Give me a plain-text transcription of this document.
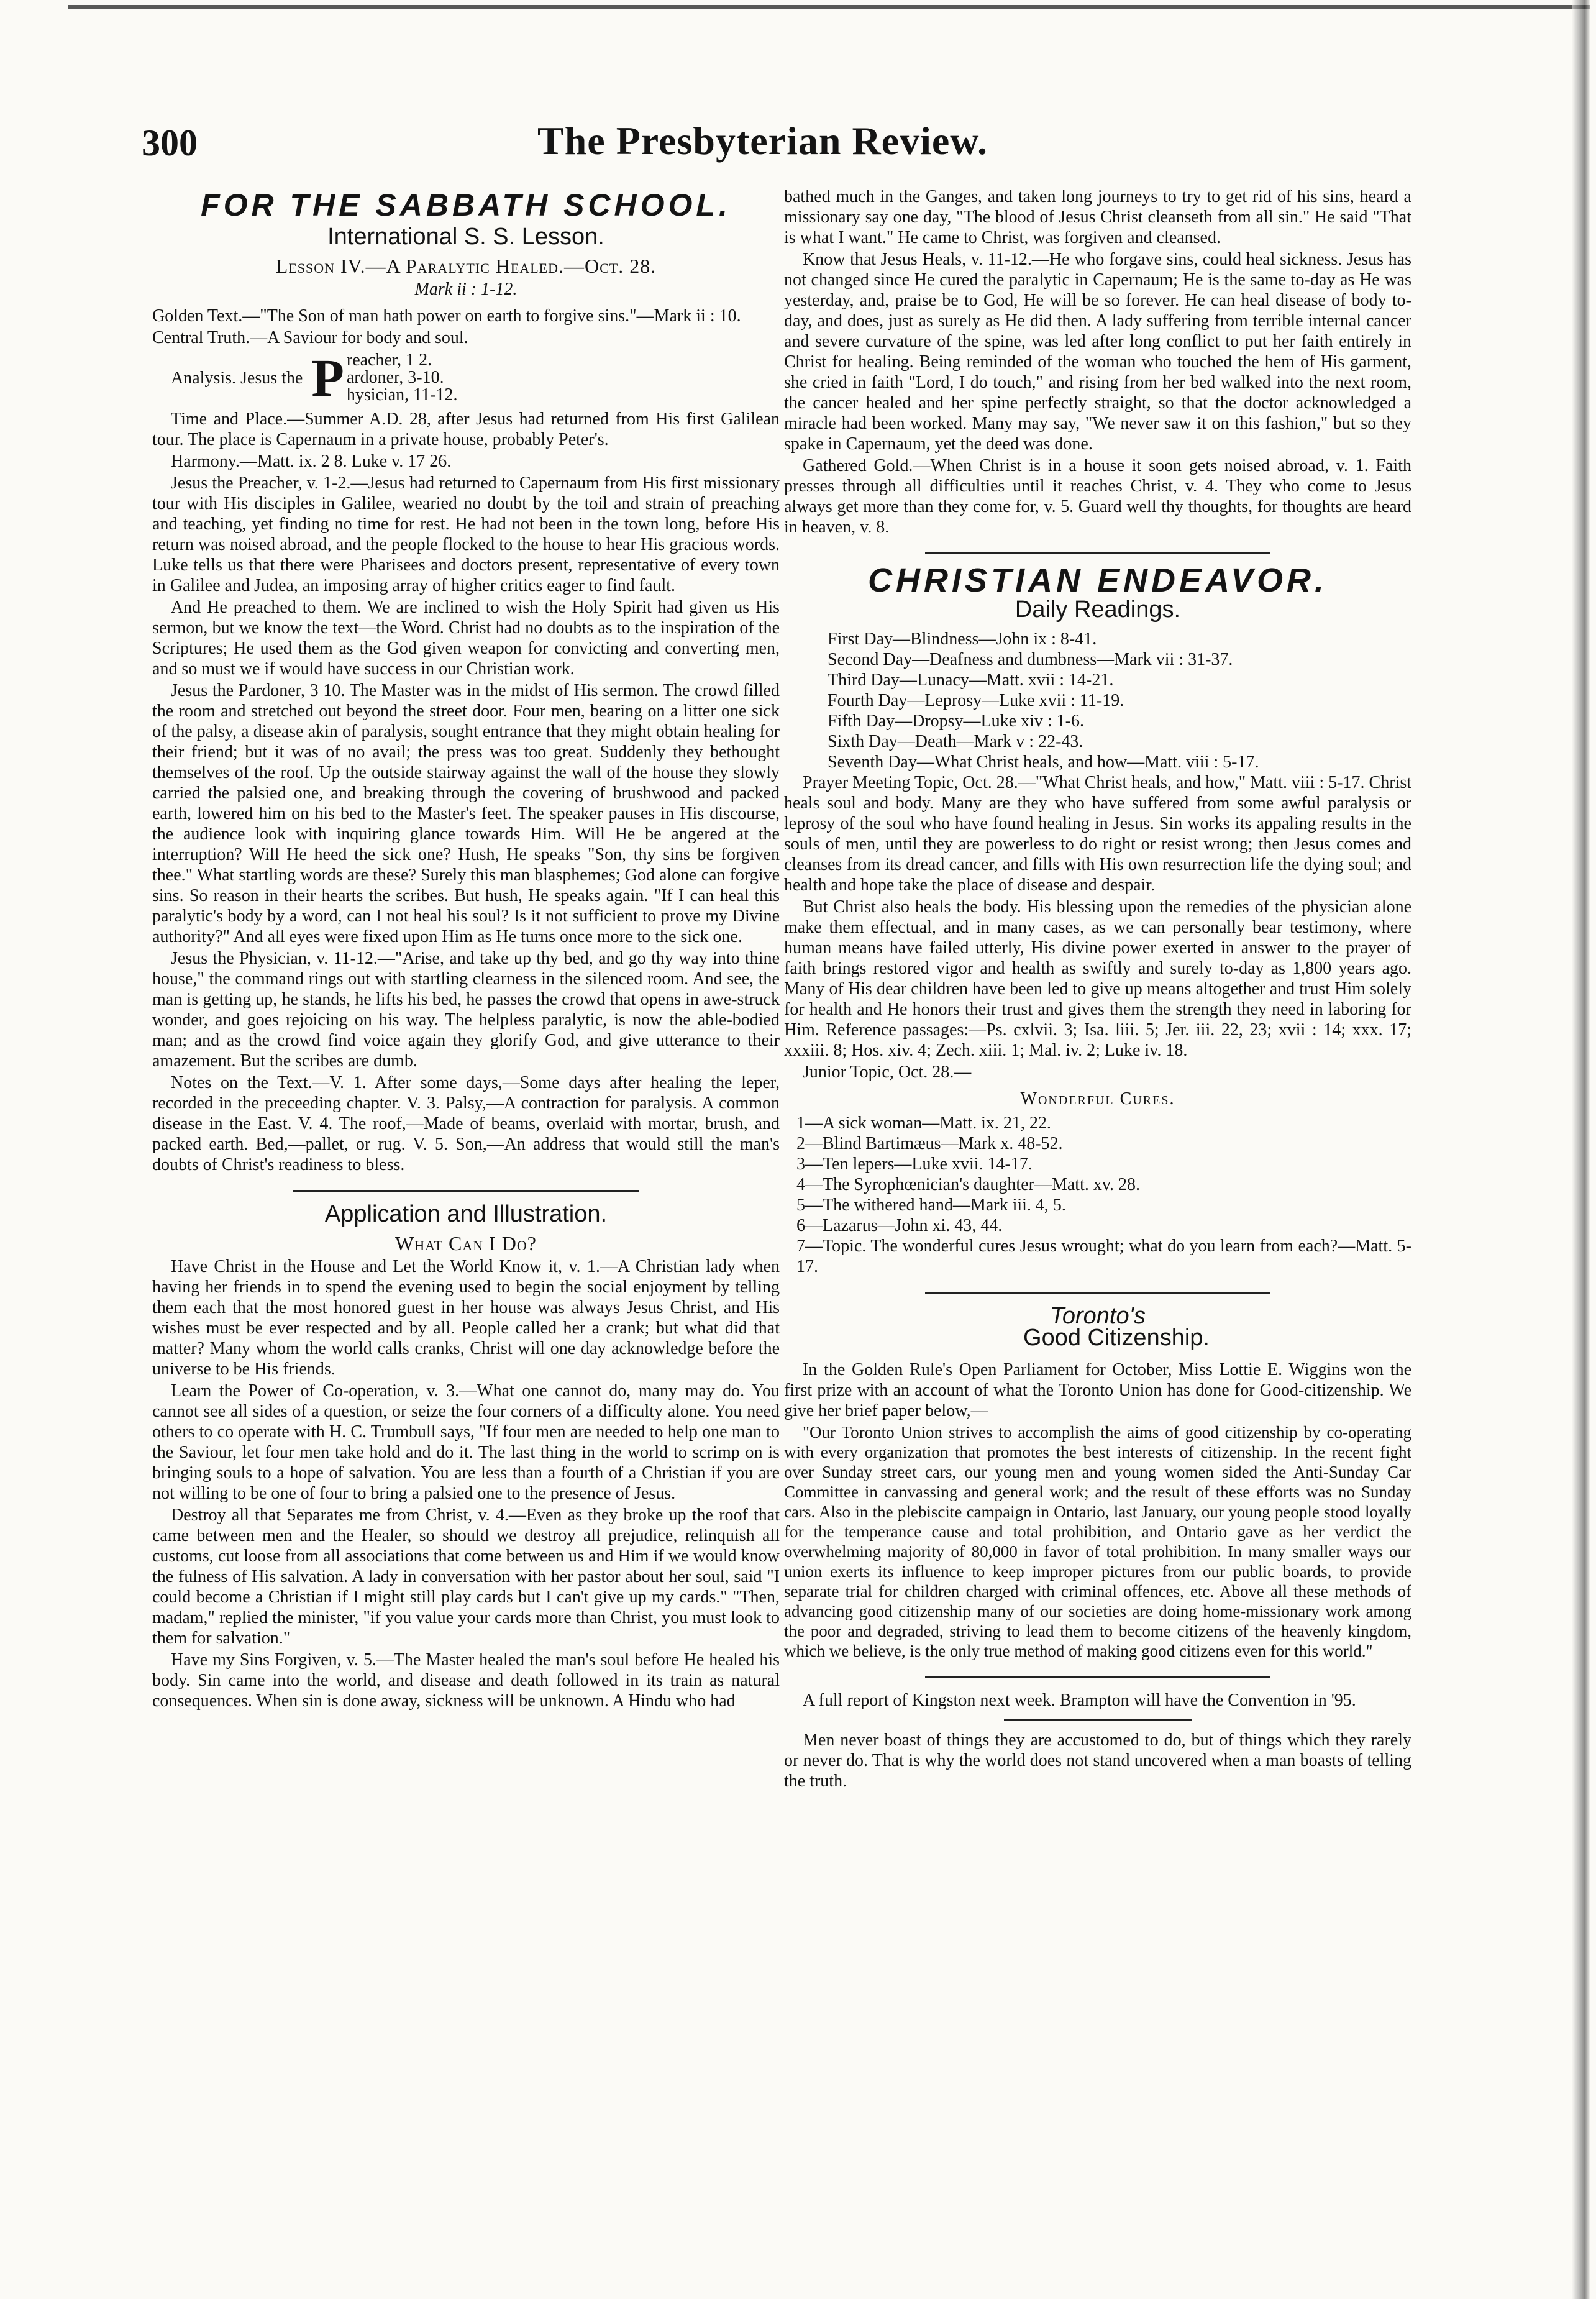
300	The Presbyterian Review.
FOR THE SABBATH SCHOOL.
International S. S. Lesson.
Lesson IV.—A Paralytic Healed.—Oct. 28.
Mark ii : 1-12.

Golden Text.—"The Son of man hath power on earth to forgive sins."—Mark ii : 10.

Central Truth.—A Saviour for body and soul.

Analysis. Jesus the P reacher, 1 2.
ardoner, 3-10.
hysician, 11-12.

Time and Place.—Summer A.D. 28, after Jesus had returned from His first Galilean tour. The place is Capernaum in a private house, probably Peter's.

Harmony.—Matt. ix. 2 8. Luke v. 17 26.

Jesus the Preacher, v. 1-2.—Jesus had returned to Capernaum from His first missionary tour with His disciples in Galilee, wearied no doubt by the toil and strain of preaching and teaching, yet finding no time for rest. He had not been in the town long, before His return was noised abroad, and the people flocked to the house to hear His gracious words. Luke tells us that there were Pharisees and doctors present, representative of every town in Galilee and Judea, an imposing array of higher critics eager to find fault.

And He preached to them. We are inclined to wish the Holy Spirit had given us His sermon, but we know the text—the Word. Christ had no doubts as to the inspiration of the Scriptures; He used them as the God given weapon for convicting and converting men, and so must we if would have success in our Christian work.

Jesus the Pardoner, 3 10. The Master was in the midst of His sermon. The crowd filled the room and stretched out beyond the street door. Four men, bearing on a litter one sick of the palsy, a disease akin of paralysis, sought entrance that they might obtain healing for their friend; but it was of no avail; the press was too great. Suddenly they bethought themselves of the roof. Up the outside stairway against the wall of the house they slowly carried the palsied one, and breaking through the covering of brushwood and packed earth, lowered him on his bed to the Master's feet. The speaker pauses in His discourse, the audience look with inquiring glance towards Him. Will He be angered at the interruption? Will He heed the sick one? Hush, He speaks "Son, thy sins be forgiven thee." What startling words are these? Surely this man blasphemes; God alone can forgive sins. So reason in their hearts the scribes. But hush, He speaks again. "If I can heal this paralytic's body by a word, can I not heal his soul? Is it not sufficient to prove my Divine authority?" And all eyes were fixed upon Him as He turns once more to the sick one.

Jesus the Physician, v. 11-12.—"Arise, and take up thy bed, and go thy way into thine house," the command rings out with startling clearness in the silenced room. And see, the man is getting up, he stands, he lifts his bed, he passes the crowd that opens in awe-struck wonder, and goes rejoicing on his way. The helpless paralytic, is now the able-bodied man; and as the crowd find voice again they glorify God, and give utterance to their amazement. But the scribes are dumb.

Notes on the Text.—V. 1. After some days,—Some days after healing the leper, recorded in the preceeding chapter. V. 3. Palsy,—A contraction for paralysis. A common disease in the East. V. 4. The roof,—Made of beams, overlaid with mortar, brush, and packed earth. Bed,—pallet, or rug. V. 5. Son,—An address that would still the man's doubts of Christ's readiness to bless.

Application and Illustration.
What Can I Do?

Have Christ in the House and Let the World Know it, v. 1.—A Christian lady when having her friends in to spend the evening used to begin the social enjoyment by telling them each that the most honored guest in her house was always Jesus Christ, and His wishes must be ever respected and by all. People called her a crank; but what did that matter? Many whom the world calls cranks, Christ will one day acknowledge before the universe to be His friends.

Learn the Power of Co-operation, v. 3.—What one cannot do, many may do. You cannot see all sides of a question, or seize the four corners of a difficulty alone. You need others to co operate with H. C. Trumbull says, "If four men are needed to help one man to the Saviour, let four men take hold and do it. The last thing in the world to scrimp on is bringing souls to a hope of salvation. You are less than a fourth of a Christian if you are not willing to be one of four to bring a palsied one to the presence of Jesus.

Destroy all that Separates me from Christ, v. 4.—Even as they broke up the roof that came between men and the Healer, so should we destroy all prejudice, relinquish all customs, cut loose from all associations that come between us and Him if we would know the fulness of His salvation. A lady in conversation with her pastor about her soul, said "I could become a Christian if I might still play cards but I can't give up my cards." "Then, madam," replied the minister, "if you value your cards more than Christ, you must look to them for salvation."

Have my Sins Forgiven, v. 5.—The Master healed the man's soul before He healed his body. Sin came into the world, and disease and death followed in its train as natural consequences. When sin is done away, sickness will be unknown. A Hindu who had

bathed much in the Ganges, and taken long journeys to try to get rid of his sins, heard a missionary say one day, "The blood of Jesus Christ cleanseth from all sin." He said "That is what I want." He came to Christ, was forgiven and cleansed.

Know that Jesus Heals, v. 11-12.—He who forgave sins, could heal sickness. Jesus has not changed since He cured the paralytic in Capernaum; He is the same to-day as He was yesterday, and, praise be to God, He will be so forever. He can heal disease of body to-day, and does, just as surely as He did then. A lady suffering from terrible internal cancer and severe curvature of the spine, was led after long conflict to put her faith entirely in Christ for healing. Being reminded of the woman who touched the hem of His garment, she cried in faith "Lord, I do touch," and rising from her bed walked into the next room, the cancer healed and her spine perfectly straight, so that the doctor acknowledged a miracle had been worked. Many may say, "We never saw it on this fashion," but so they spake in Capernaum, yet the deed was done.

Gathered Gold.—When Christ is in a house it soon gets noised abroad, v. 1. Faith presses through all difficulties until it reaches Christ, v. 4. They who come to Jesus always get more than they come for, v. 5. Guard well thy thoughts, for thoughts are heard in heaven, v. 8.

CHRISTIAN ENDEAVOR.
Daily Readings.
First Day—Blindness—John ix : 8-41.
Second Day—Deafness and dumbness—Mark vii : 31-37.
Third Day—Lunacy—Matt. xvii : 14-21.
Fourth Day—Leprosy—Luke xvii : 11-19.
Fifth Day—Dropsy—Luke xiv : 1-6.
Sixth Day—Death—Mark v : 22-43.
Seventh Day—What Christ heals, and how—Matt. viii : 5-17.

Prayer Meeting Topic, Oct. 28.—"What Christ heals, and how," Matt. viii : 5-17. Christ heals soul and body. Many are they who have suffered from some awful paralysis or leprosy of the soul who have found healing in Jesus. Sin works its appaling results in the souls of men, until they are powerless to do right or resist wrong; then Jesus comes and cleanses from its dread cancer, and fills with His own resurrection life the dying soul; and health and hope take the place of disease and despair.

But Christ also heals the body. His blessing upon the remedies of the physician alone make them effectual, and in many cases, as we can personally bear testimony, where human means have failed utterly, His divine power exerted in answer to the prayer of faith brings restored vigor and health as swiftly and surely to-day as 1,800 years ago. Many of His dear children have been led to give up means altogether and trust Him solely for health and He honors their trust and gives them the strength they need in laboring for Him. Reference passages:—Ps. cxlvii. 3; Isa. liii. 5; Jer. iii. 22, 23; xvii : 14; xxx. 17; xxxiii. 8; Hos. xiv. 4; Zech. xiii. 1; Mal. iv. 2; Luke iv. 18.

Junior Topic, Oct. 28.—

Wonderful Cures.
1—A sick woman—Matt. ix. 21, 22.
2—Blind Bartimæus—Mark x. 48-52.
3—Ten lepers—Luke xvii. 14-17.
4—The Syrophœnician's daughter—Matt. xv. 28.
5—The withered hand—Mark iii. 4, 5.
6—Lazarus—John xi. 43, 44.
7—Topic. The wonderful cures Jesus wrought; what do you learn from each?—Matt. 5-17.
Toronto's
Good Citizenship.

In the Golden Rule's Open Parliament for October, Miss Lottie E. Wiggins won the first prize with an account of what the Toronto Union has done for Good-citizenship. We give her brief paper below,—

"Our Toronto Union strives to accomplish the aims of good citizenship by co-operating with every organization that promotes the best interests of citizenship. In the recent fight over Sunday street cars, our young men and young women sided the Anti-Sunday Car Committee in canvassing and general work; and the result of these efforts was no Sunday cars. Also in the plebiscite campaign in Ontario, last January, our young people stood loyally for the temperance cause and total prohibition, and Ontario gave as her verdict the overwhelming majority of 80,000 in favor of total prohibition. In many smaller ways our union exerts its influence to keep improper pictures from our public boards, to provide separate trial for children charged with criminal offences, etc. Above all these methods of advancing good citizenship many of our societies are doing home-missionary work among the poor and degraded, striving to lead them to become citizens of the heavenly kingdom, which we believe, is the only true method of making good citizens even for this world."

A full report of Kingston next week. Brampton will have the Convention in '95.

Men never boast of things they are accustomed to do, but of things which they rarely or never do. That is why the world does not stand uncovered when a man boasts of telling the truth.
